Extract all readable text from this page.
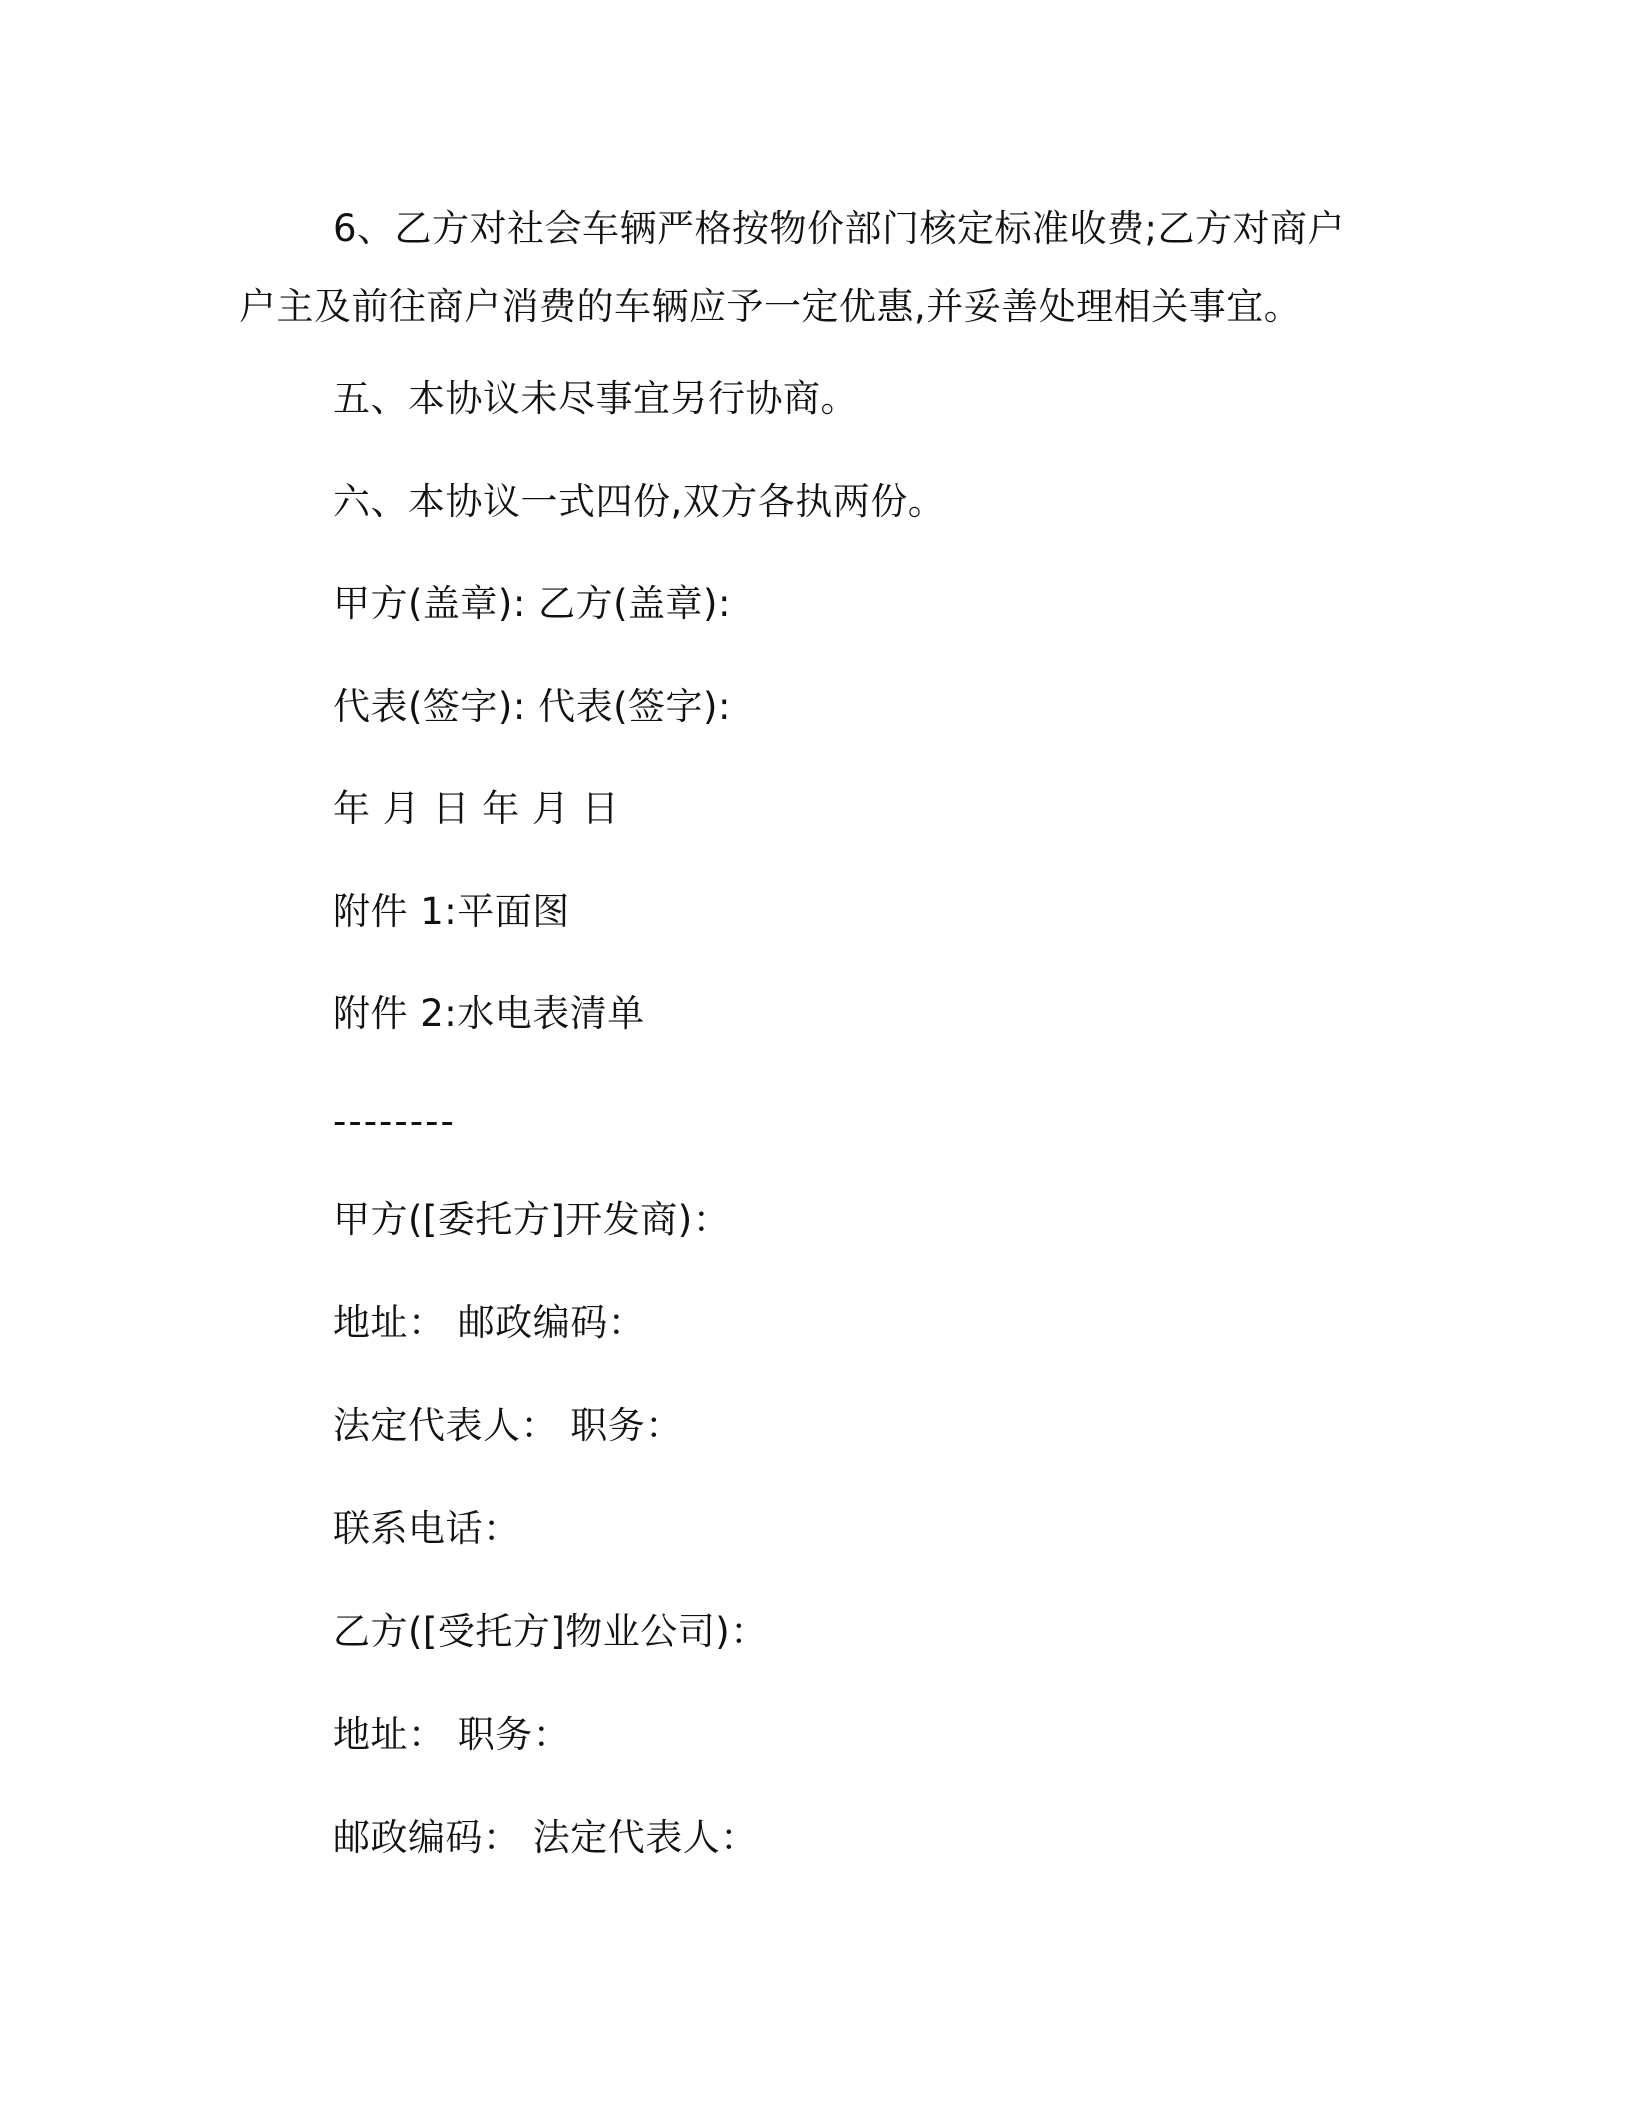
6、乙方对社会车辆严格按物价部门核定标准收费;乙方对商户户主及前往商户消费的车辆应予一定优惠,并妥善处理相关事宜。
五、本协议未尽事宜另行协商。
六、本协议一式四份,双方各执两份。
甲方(盖章): 乙方(盖章):
代表(签字): 代表(签字):
年 月 日 年 月 日
附件 1:平面图
附件 2:水电表清单
--------
甲方([委托方]开发商)：
地址： 邮政编码：
法定代表人： 职务：
联系电话：
乙方([受托方]物业公司)：
地址： 职务：
邮政编码： 法定代表人：
